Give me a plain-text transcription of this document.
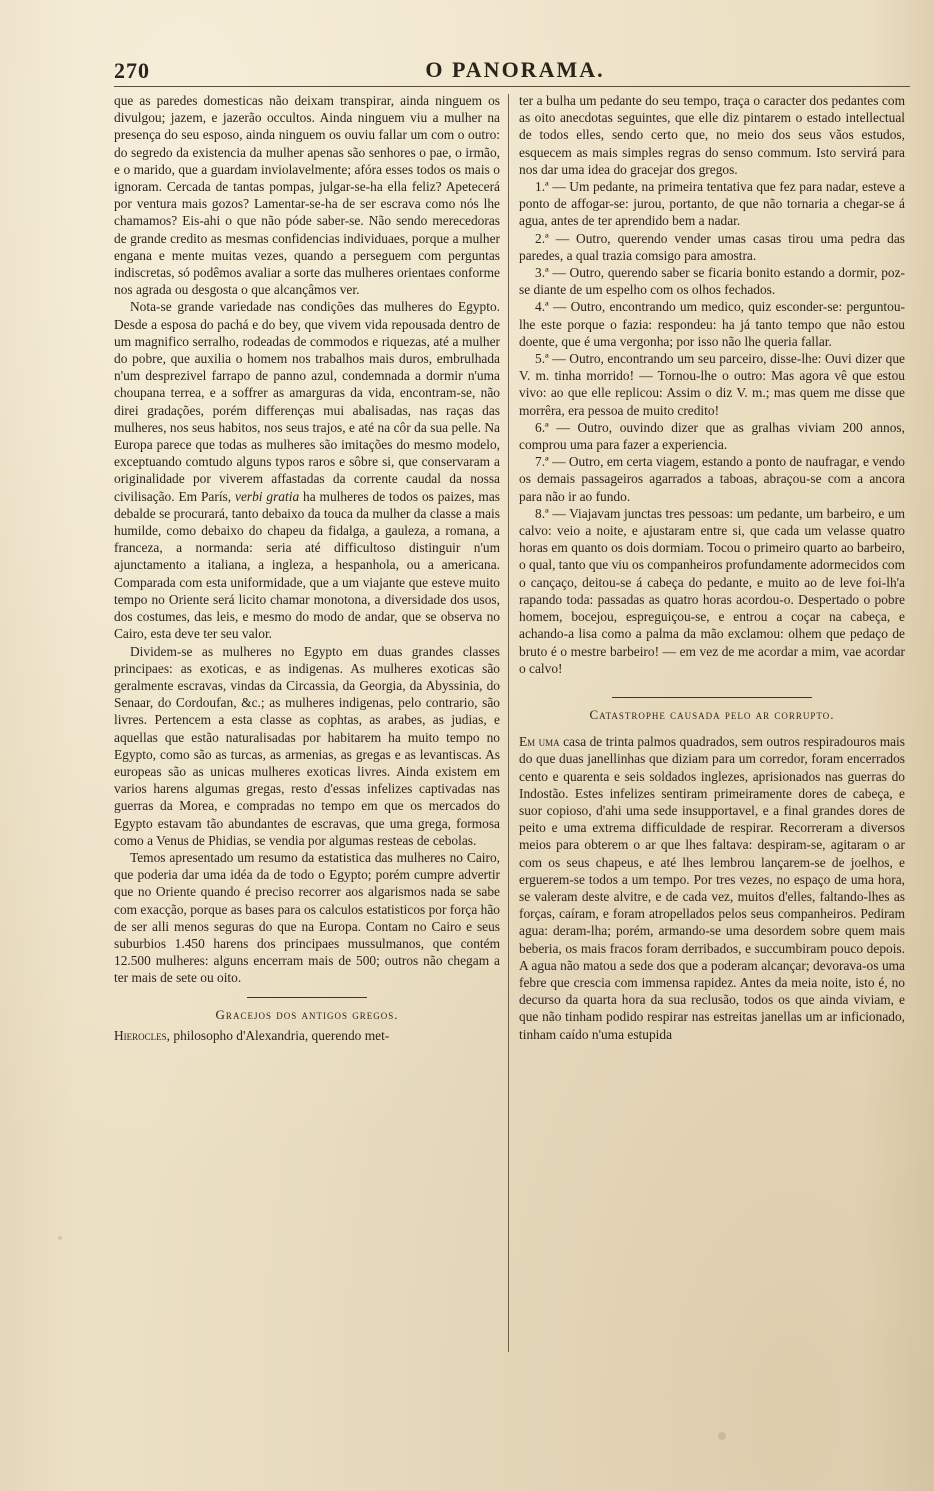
270	O PANORAMA.

que as paredes domesticas não deixam transpirar, ainda ninguem os divulgou; jazem, e jazerão occultos. Ainda ninguem viu a mulher na presença do seu esposo, ainda ninguem os ouviu fallar um com o outro: do segredo da existencia da mulher apenas são senhores o pae, o irmão, e o marido, que a guardam inviolavelmente; afóra esses todos os mais o ignoram. Cercada de tantas pompas, julgar-se-ha ella feliz? Apetecerá por ventura mais gozos? Lamentar-se-ha de ser escrava como nós lhe chamamos? Eis-ahi o que não póde saber-se. Não sendo merecedoras de grande credito as mesmas confidencias individuaes, porque a mulher engana e mente muitas vezes, quando a perseguem com perguntas indiscretas, só podêmos avaliar a sorte das mulheres orientaes conforme nos agrada ou desgosta o que alcançâmos ver.

Nota-se grande variedade nas condições das mulheres do Egypto. Desde a esposa do pachá e do bey, que vivem vida repousada dentro de um magnifico serralho, rodeadas de commodos e riquezas, até a mulher do pobre, que auxilia o homem nos trabalhos mais duros, embrulhada n'um desprezivel farrapo de panno azul, condemnada a dormir n'uma choupana terrea, e a soffrer as amarguras da vida, encontram-se, não direi gradações, porém differenças mui abalisadas, nas raças das mulheres, nos seus habitos, nos seus trajos, e até na côr da sua pelle. Na Europa parece que todas as mulheres são imitações do mesmo modelo, exceptuando comtudo alguns typos raros e sôbre si, que conservaram a originalidade por viverem affastadas da corrente caudal da nossa civilisação. Em París, verbi gratia ha mulheres de todos os paizes, mas debalde se procurará, tanto debaixo da touca da mulher da classe a mais humilde, como debaixo do chapeu da fidalga, a gauleza, a romana, a franceza, a normanda: seria até difficultoso distinguir n'um ajunctamento a italiana, a ingleza, a hespanhola, ou a americana. Comparada com esta uniformidade, que a um viajante que esteve muito tempo no Oriente será licito chamar monotona, a diversidade dos usos, dos costumes, das leis, e mesmo do modo de andar, que se observa no Cairo, esta deve ter seu valor.

Dividem-se as mulheres no Egypto em duas grandes classes principaes: as exoticas, e as indigenas. As mulheres exoticas são geralmente escravas, vindas da Circassia, da Georgia, da Abyssinia, do Senaar, do Cordoufan, &c.; as mulheres indigenas, pelo contrario, são livres. Pertencem a esta classe as cophtas, as arabes, as judias, e aquellas que estão naturalisadas por habitarem ha muito tempo no Egypto, como são as turcas, as armenias, as gregas e as levantiscas. As europeas são as unicas mulheres exoticas livres. Ainda existem em varios harens algumas gregas, resto d'essas infelizes captivadas nas guerras da Morea, e compradas no tempo em que os mercados do Egypto estavam tão abundantes de escravas, que uma grega, formosa como a Venus de Phidias, se vendia por algumas resteas de cebolas.

Temos apresentado um resumo da estatistica das mulheres no Cairo, que poderia dar uma idéa da de todo o Egypto; porém cumpre advertir que no Oriente quando é preciso recorrer aos algarismos nada se sabe com exacção, porque as bases para os calculos estatisticos por força hão de ser alli menos seguras do que na Europa. Contam no Cairo e seus suburbios 1.450 harens dos principaes mussulmanos, que contém 12.500 mulheres: alguns encerram mais de 500; outros não chegam a ter mais de sete ou oito.

Gracejos dos antigos gregos.

Hierocles, philosopho d'Alexandria, querendo met-

ter a bulha um pedante do seu tempo, traça o caracter dos pedantes com as oito anecdotas seguintes, que elle diz pintarem o estado intellectual de todos elles, sendo certo que, no meio dos seus vãos estudos, esquecem as mais simples regras do senso commum. Isto servirá para nos dar uma idea do gracejar dos gregos.

1.ª — Um pedante, na primeira tentativa que fez para nadar, esteve a ponto de affogar-se: jurou, portanto, de que não tornaria a chegar-se á agua, antes de ter aprendido bem a nadar.

2.ª — Outro, querendo vender umas casas tirou uma pedra das paredes, a qual trazia comsigo para amostra.

3.ª — Outro, querendo saber se ficaria bonito estando a dormir, poz-se diante de um espelho com os olhos fechados.

4.ª — Outro, encontrando um medico, quiz esconder-se: perguntou-lhe este porque o fazia: respondeu: ha já tanto tempo que não estou doente, que é uma vergonha; por isso não lhe queria fallar.

5.ª — Outro, encontrando um seu parceiro, disse-lhe: Ouvi dizer que V. m. tinha morrido! — Tornou-lhe o outro: Mas agora vê que estou vivo: ao que elle replicou: Assim o diz V. m.; mas quem me disse que morrêra, era pessoa de muito credito!

6.ª — Outro, ouvindo dizer que as gralhas viviam 200 annos, comprou uma para fazer a experiencia.

7.ª — Outro, em certa viagem, estando a ponto de naufragar, e vendo os demais passageiros agarrados a taboas, abraçou-se com a ancora para não ir ao fundo.

8.ª — Viajavam junctas tres pessoas: um pedante, um barbeiro, e um calvo: veio a noite, e ajustaram entre si, que cada um velasse quatro horas em quanto os dois dormiam. Tocou o primeiro quarto ao barbeiro, o qual, tanto que viu os companheiros profundamente adormecidos com o cançaço, deitou-se á cabeça do pedante, e muito ao de leve foi-lh'a rapando toda: passadas as quatro horas acordou-o. Despertado o pobre homem, bocejou, espreguiçou-se, e entrou a coçar na cabeça, e achando-a lisa como a palma da mão exclamou: olhem que pedaço de bruto é o mestre barbeiro! — em vez de me acordar a mim, vae acordar o calvo!

Catastrophe causada pelo ar corrupto.

Em uma casa de trinta palmos quadrados, sem outros respiradouros mais do que duas janellinhas que diziam para um corredor, foram encerrados cento e quarenta e seis soldados inglezes, aprisionados nas guerras do Indostão. Estes infelizes sentiram primeiramente dores de cabeça, e suor copioso, d'ahi uma sede insupportavel, e a final grandes dores de peito e uma extrema difficuldade de respirar. Recorreram a diversos meios para obterem o ar que lhes faltava: despiram-se, agitaram o ar com os seus chapeus, e até lhes lembrou lançarem-se de joelhos, e erguerem-se todos a um tempo. Por tres vezes, no espaço de uma hora, se valeram deste alvitre, e de cada vez, muitos d'elles, faltando-lhes as forças, caíram, e foram atropellados pelos seus companheiros. Pediram agua: deram-lha; porém, armando-se uma desordem sobre quem mais beberia, os mais fracos foram derribados, e succumbiram pouco depois. A agua não matou a sede dos que a poderam alcançar; devorava-os uma febre que crescia com immensa rapidez. Antes da meia noite, isto é, no decurso da quarta hora da sua reclusão, todos os que ainda viviam, e que não tinham podido respirar nas estreitas janellas um ar inficionado, tinham caído n'uma estupida
